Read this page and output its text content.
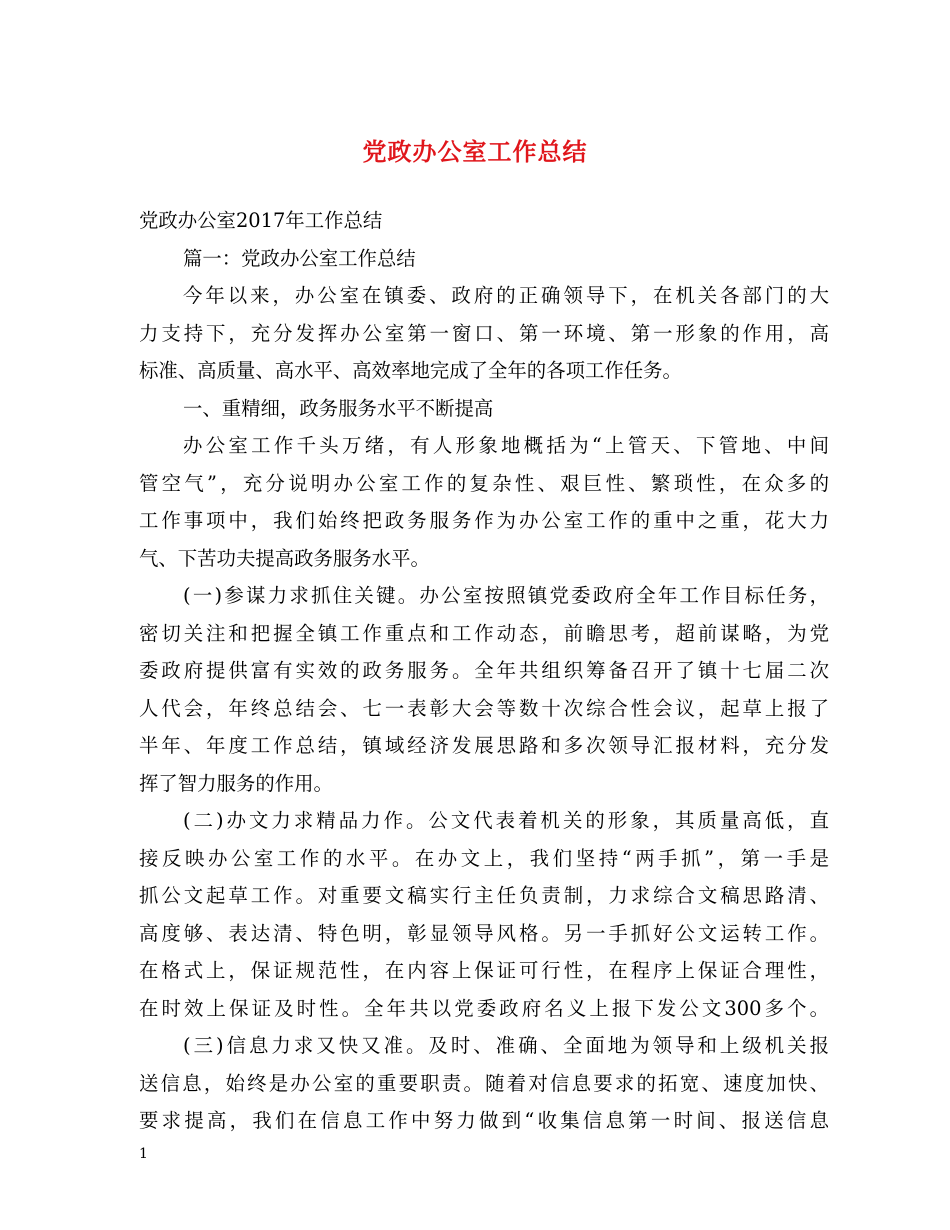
党政办公室工作总结
党政办公室2017年工作总结
篇一：党政办公室工作总结
今年以来，办公室在镇委、政府的正确领导下，在机关各部门的大
力支持下，充分发挥办公室第一窗口、第一环境、第一形象的作用，高
标准、高质量、高水平、高效率地完成了全年的各项工作任务。
一、重精细，政务服务水平不断提高
办公室工作千头万绪，有人形象地概括为“上管天、下管地、中间
管空气”，充分说明办公室工作的复杂性、艰巨性、繁琐性，在众多的
工作事项中，我们始终把政务服务作为办公室工作的重中之重，花大力
气、下苦功夫提高政务服务水平。
(一)参谋力求抓住关键。办公室按照镇党委政府全年工作目标任务，
密切关注和把握全镇工作重点和工作动态，前瞻思考，超前谋略，为党
委政府提供富有实效的政务服务。全年共组织筹备召开了镇十七届二次
人代会，年终总结会、七一表彰大会等数十次综合性会议，起草上报了
半年、年度工作总结，镇域经济发展思路和多次领导汇报材料，充分发
挥了智力服务的作用。
(二)办文力求精品力作。公文代表着机关的形象，其质量高低，直
接反映办公室工作的水平。在办文上，我们坚持“两手抓”，第一手是
抓公文起草工作。对重要文稿实行主任负责制，力求综合文稿思路清、
高度够、表达清、特色明，彰显领导风格。另一手抓好公文运转工作。
在格式上，保证规范性，在内容上保证可行性，在程序上保证合理性，
在时效上保证及时性。全年共以党委政府名义上报下发公文300多个。
(三)信息力求又快又准。及时、准确、全面地为领导和上级机关报
送信息，始终是办公室的重要职责。随着对信息要求的拓宽、速度加快、
要求提高，我们在信息工作中努力做到“收集信息第一时间、报送信息
1
